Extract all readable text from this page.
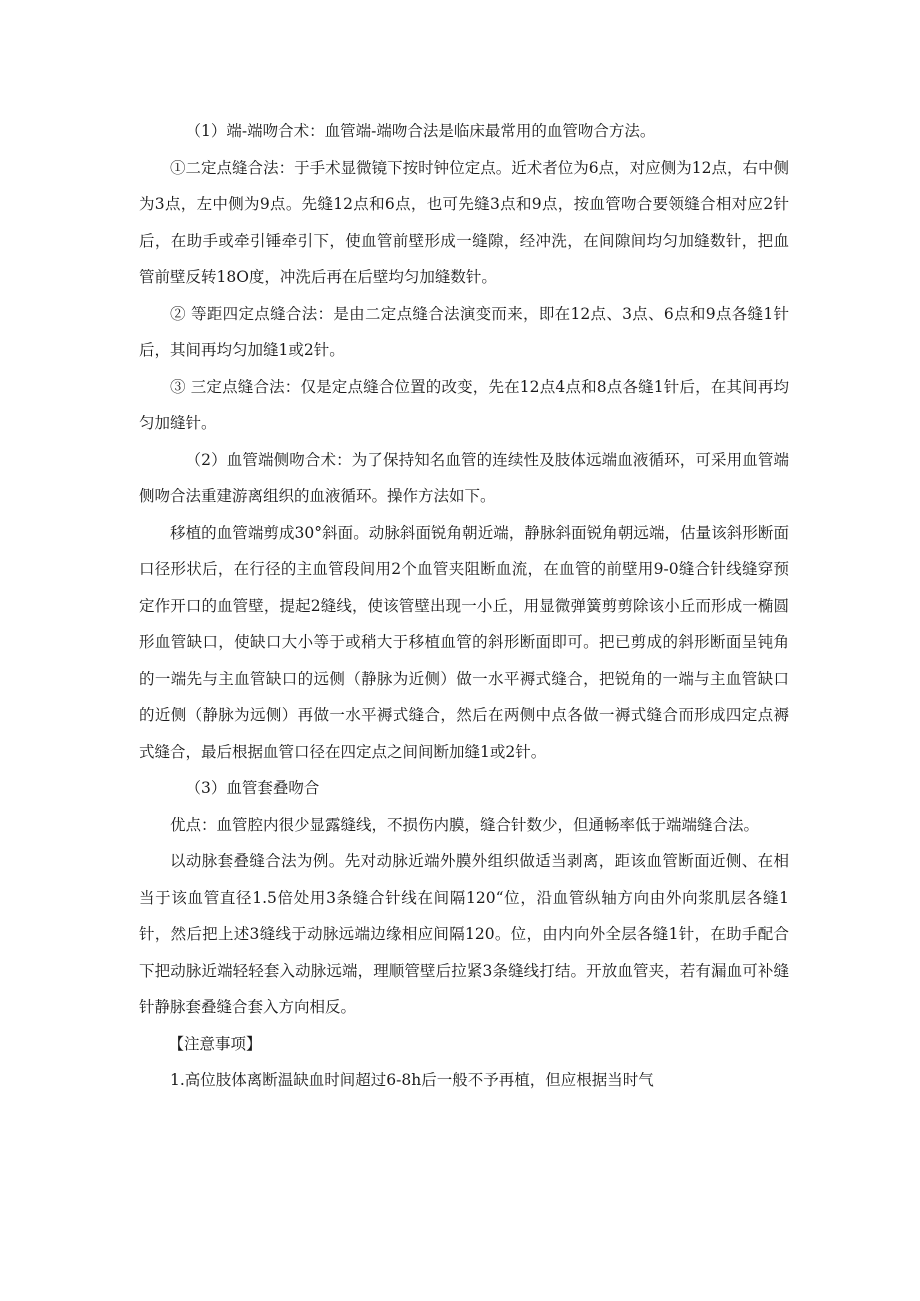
（1）端-端吻合术：血管端-端吻合法是临床最常用的血管吻合方法。

①二定点缝合法：于手术显微镜下按时钟位定点。近术者位为6点，对应侧为12点，右中侧为3点，左中侧为9点。先缝12点和6点，也可先缝3点和9点，按血管吻合要领缝合相对应2针后，在助手或牵引锤牵引下，使血管前壁形成一缝隙，经冲洗，在间隙间均匀加缝数针，把血管前壁反转18O度，冲洗后再在后壁均匀加缝数针。

② 等距四定点缝合法：是由二定点缝合法演变而来，即在12点、3点、6点和9点各缝1针后，其间再均匀加缝1或2针。

③ 三定点缝合法：仅是定点缝合位置的改变，先在12点4点和8点各缝1针后，在其间再均匀加缝针。

（2）血管端侧吻合术：为了保持知名血管的连续性及肢体远端血液循环，可采用血管端侧吻合法重建游离组织的血液循环。操作方法如下。

移植的血管端剪成30°斜面。动脉斜面锐角朝近端，静脉斜面锐角朝远端，估量该斜形断面口径形状后，在行径的主血管段间用2个血管夹阻断血流，在血管的前壁用9-0缝合针线缝穿预定作开口的血管壁，提起2缝线，使该管壁出现一小丘，用显微弹簧剪剪除该小丘而形成一椭圆形血管缺口，使缺口大小等于或稍大于移植血管的斜形断面即可。把已剪成的斜形断面呈钝角的一端先与主血管缺口的远侧（静脉为近侧）做一水平褥式缝合，把锐角的一端与主血管缺口的近侧（静脉为远侧）再做一水平褥式缝合，然后在两侧中点各做一褥式缝合而形成四定点褥式缝合，最后根据血管口径在四定点之间间断加缝1或2针。

（3）血管套叠吻合

优点：血管腔内很少显露缝线，不损伤内膜，缝合针数少，但通畅率低于端端缝合法。

以动脉套叠缝合法为例。先对动脉近端外膜外组织做适当剥离，距该血管断面近侧、在相当于该血管直径1.5倍处用3条缝合针线在间隔120“位，沿血管纵轴方向由外向浆肌层各缝1针，然后把上述3缝线于动脉远端边缘相应间隔120。位，由内向外全层各缝1针，在助手配合下把动脉近端轻轻套入动脉远端，理顺管壁后拉紧3条缝线打结。开放血管夹，若有漏血可补缝针静脉套叠缝合套入方向相反。

【注意事项】

1.高位肢体离断温缺血时间超过6-8h后一般不予再植，但应根据当时气
